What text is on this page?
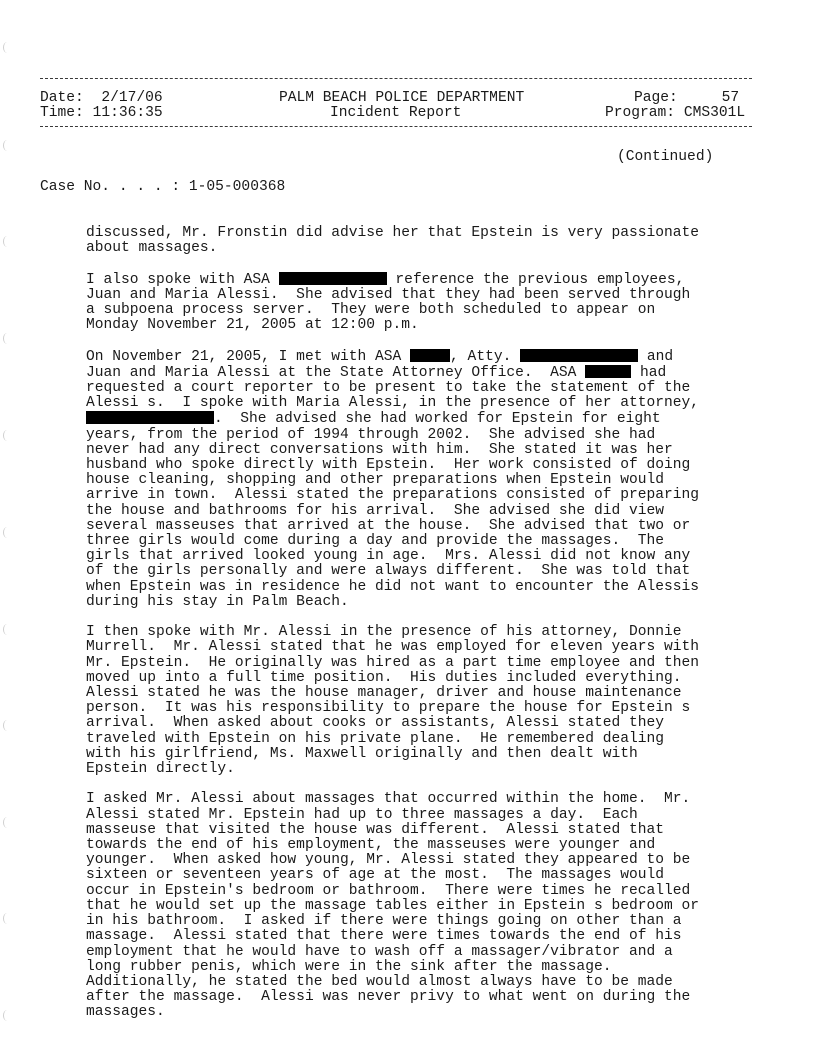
Date: 2/17/06
Time: 11:36:35
PALM BEACH POLICE DEPARTMENT
Incident Report
Page:	57
Program: CMS301L

Case No. . . . : 1-05-000368
(Continued)

discussed, Mr. Fronstin did advise her that Epstein is very passionate
about massages.
I also spoke with ASA	reference the previous employees,
Juan and Maria Alessi.  She advised that they had been served through
a subpoena process server.  They were both scheduled to appear on
Monday November 21, 2005 at 12:00 p.m.
On November 21, 2005, I met with ASA	, Atty.	and
Juan and Maria Alessi at the State Attorney Office.  ASA	had
requested a court reporter to be present to take the statement of the
Alessi s.  I spoke with Maria Alessi, in the presence of her attorney,
.  She advised she had worked for Epstein for eight
years, from the period of 1994 through 2002.  She advised she had
never had any direct conversations with him.  She stated it was her
husband who spoke directly with Epstein.  Her work consisted of doing
house cleaning, shopping and other preparations when Epstein would
arrive in town.  Alessi stated the preparations consisted of preparing
the house and bathrooms for his arrival.  She advised she did view
several masseuses that arrived at the house.  She advised that two or
three girls would come during a day and provide the massages.  The
girls that arrived looked young in age.  Mrs. Alessi did not know any
of the girls personally and were always different.  She was told that
when Epstein was in residence he did not want to encounter the Alessis
during his stay in Palm Beach.
I then spoke with Mr. Alessi in the presence of his attorney, Donnie
Murrell.  Mr. Alessi stated that he was employed for eleven years with
Mr. Epstein.  He originally was hired as a part time employee and then
moved up into a full time position.  His duties included everything.
Alessi stated he was the house manager, driver and house maintenance
person.  It was his responsibility to prepare the house for Epstein s
arrival.  When asked about cooks or assistants, Alessi stated they
traveled with Epstein on his private plane.  He remembered dealing
with his girlfriend, Ms. Maxwell originally and then dealt with
Epstein directly.
I asked Mr. Alessi about massages that occurred within the home.  Mr.
Alessi stated Mr. Epstein had up to three massages a day.  Each
masseuse that visited the house was different.  Alessi stated that
towards the end of his employment, the masseuses were younger and
younger.  When asked how young, Mr. Alessi stated they appeared to be
sixteen or seventeen years of age at the most.  The massages would
occur in Epstein's bedroom or bathroom.  There were times he recalled
that he would set up the massage tables either in Epstein s bedroom or
in his bathroom.  I asked if there were things going on other than a
massage.  Alessi stated that there were times towards the end of his
employment that he would have to wash off a massager/vibrator and a
long rubber penis, which were in the sink after the massage.
Additionally, he stated the bed would almost always have to be made
after the massage.  Alessi was never privy to what went on during the
massages.
